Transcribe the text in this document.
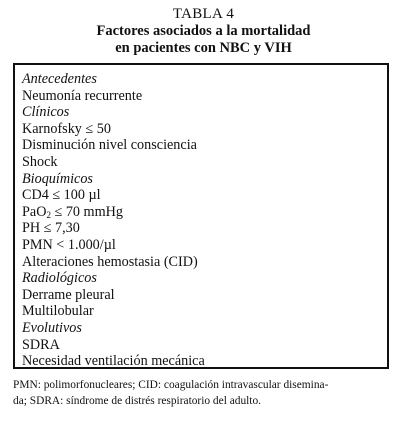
TABLA 4
Factores asociados a la mortalidad
en pacientes con NBC y VIH
Antecedentes
Neumonía recurrente
Clínicos
Karnofsky ≤ 50
Disminución nivel consciencia
Shock
Bioquímicos
CD4 ≤ 100 µl
PaO$_2$ ≤ 70 mmHg
PH ≤ 7,30
PMN < 1.000/µl
Alteraciones hemostasia (CID)
Radiológicos
Derrame pleural
Multilobular
Evolutivos
SDRA
Necesidad ventilación mecánica
PMN: polimorfonucleares; CID: coagulación intravascular disemina-
da; SDRA: síndrome de distrés respiratorio del adulto.
